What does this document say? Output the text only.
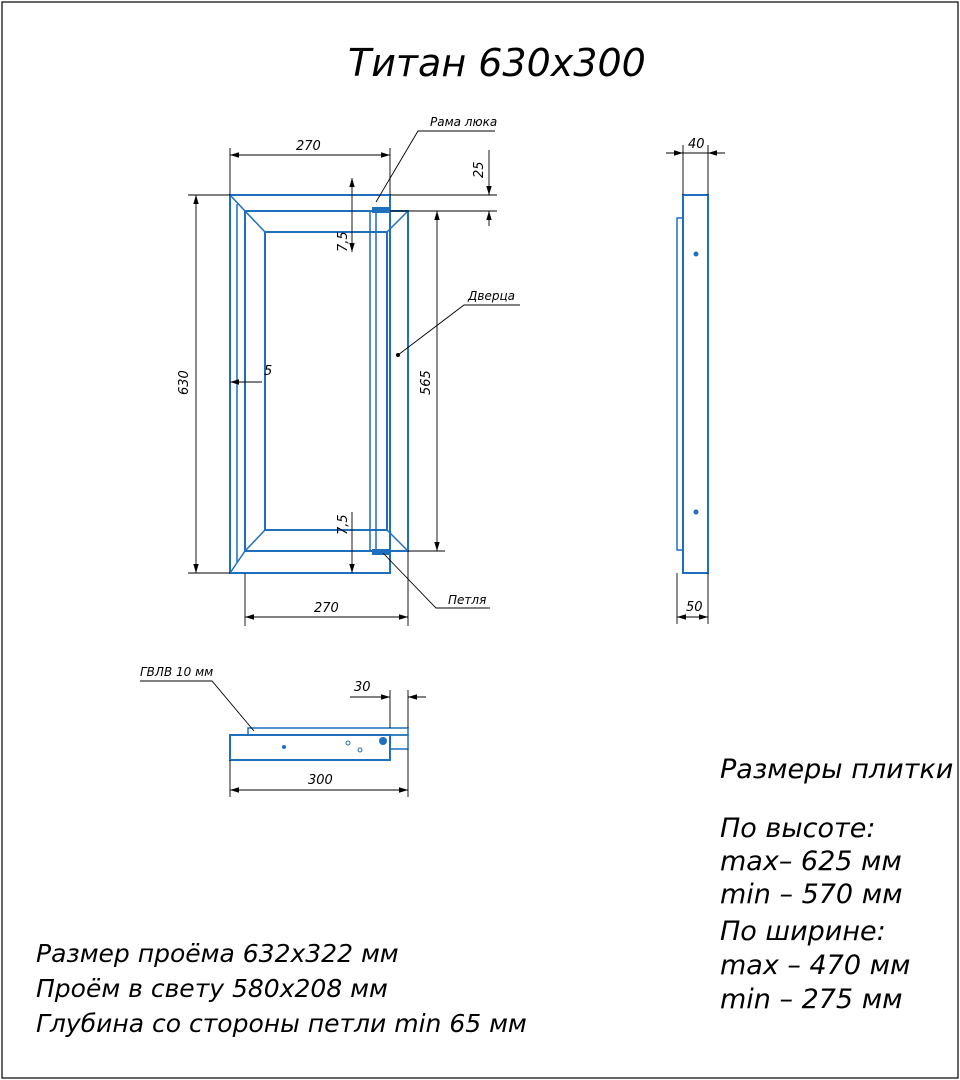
Титан 630х300
270
630	5	565
7,5
7,5
25
270
Рама люка
Дверца
Петля
40
50
30
300
ГВЛВ 10 мм
Размеры плитки
По высоте:
max– 625 мм
min – 570 мм
По ширине:
max – 470 мм
min – 275 мм
Размер проёма 632х322 мм
Проём в свету 580х208 мм
Глубина со стороны петли min 65 мм
